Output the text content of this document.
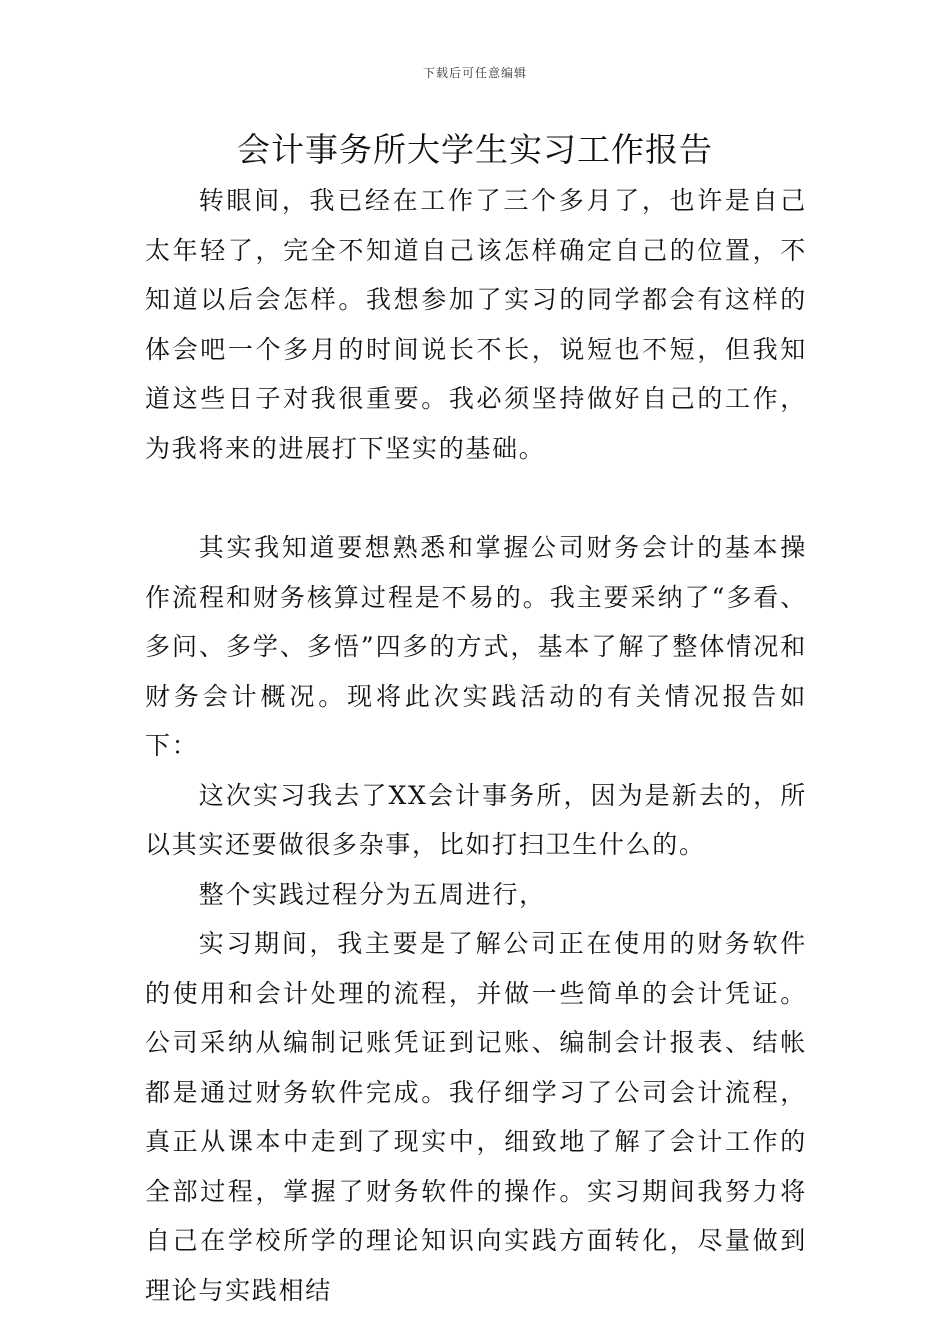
下载后可任意编辑
会计事务所大学生实习工作报告

转眼间，我已经在工作了三个多月了，也许是自己太年轻了，完全不知道自己该怎样确定自己的位置，不知道以后会怎样。我想参加了实习的同学都会有这样的体会吧一个多月的时间说长不长，说短也不短，但我知道这些日子对我很重要。我必须坚持做好自己的工作，为我将来的进展打下坚实的基础。

其实我知道要想熟悉和掌握公司财务会计的基本操作流程和财务核算过程是不易的。我主要采纳了“多看、多问、多学、多悟”四多的方式，基本了解了整体情况和财务会计概况。现将此次实践活动的有关情况报告如下：

这次实习我去了XX会计事务所，因为是新去的，所以其实还要做很多杂事，比如打扫卫生什么的。

整个实践过程分为五周进行，

实习期间，我主要是了解公司正在使用的财务软件的使用和会计处理的流程，并做一些简单的会计凭证。公司采纳从编制记账凭证到记账、编制会计报表、结帐都是通过财务软件完成。我仔细学习了公司会计流程，真正从课本中走到了现实中，细致地了解了会计工作的全部过程，掌握了财务软件的操作。实习期间我努力将自己在学校所学的理论知识向实践方面转化，尽量做到理论与实践相结
